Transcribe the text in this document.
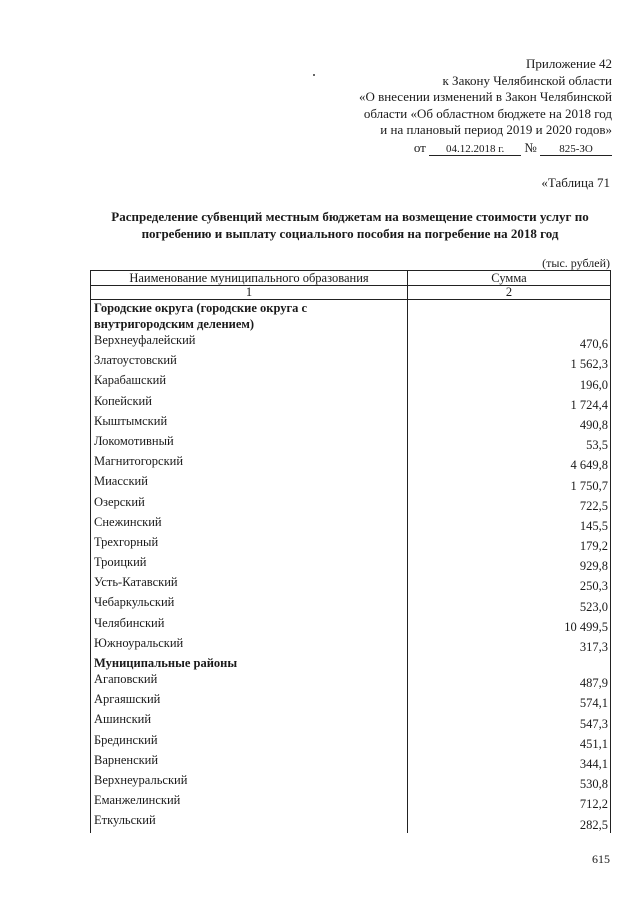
Приложение 42
к Закону Челябинской области
«О внесении изменений в Закон Челябинской
области «Об областном бюджете на 2018 год
и на плановый период 2019 и 2020 годов»
от 04.12.2018 г. № 825-ЗО
«Таблица 71
Распределение субвенций местным бюджетам на возмещение стоимости услуг по погребению и выплату социального пособия на погребение на 2018 год
(тыс. рублей)
Наименование муниципального образования	Сумма
1	2
Городские округа (городские округа с внутригородским делением)	
Верхнеуфалейский	470,6
Златоустовский	1 562,3
Карабашский	196,0
Копейский	1 724,4
Кыштымский	490,8
Локомотивный	53,5
Магнитогорский	4 649,8
Миасский	1 750,7
Озерский	722,5
Снежинский	145,5
Трехгорный	179,2
Троицкий	929,8
Усть-Катавский	250,3
Чебаркульский	523,0
Челябинский	10 499,5
Южноуральский	317,3
Муниципальные районы	
Агаповский	487,9
Аргаяшский	574,1
Ашинский	547,3
Брединский	451,1
Варненский	344,1
Верхнеуральский	530,8
Еманжелинский	712,2
Еткульский	282,5
615
